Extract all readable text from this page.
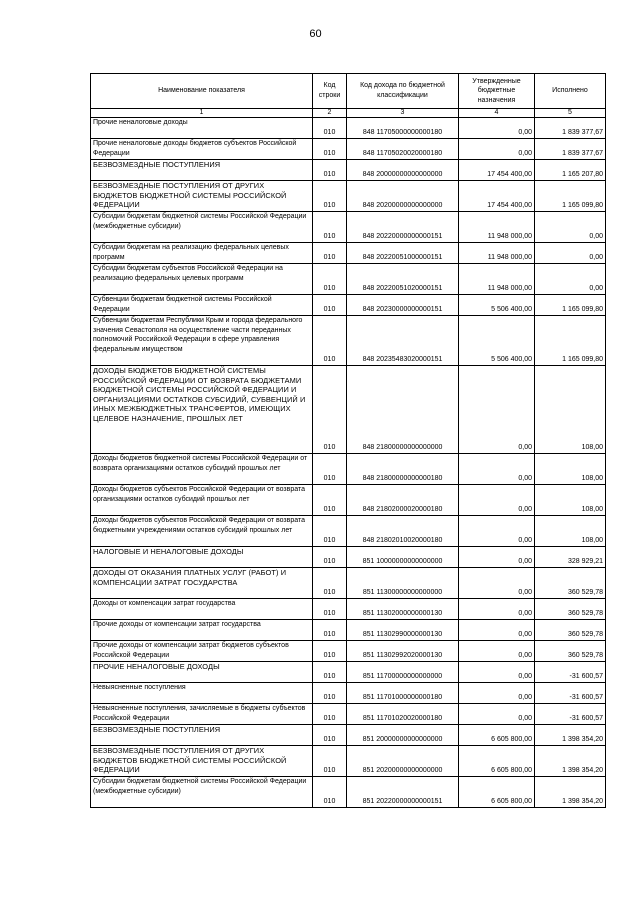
60
Наименование показателя	Код строки	Код дохода по бюджетной классификации	Утвержденные бюджетные назначения	Исполнено
1	2	3	4	5
Прочие неналоговые доходы	010	848 11705000000000180	0,00	1 839 377,67
Прочие неналоговые доходы бюджетов субъектов Российской Федерации	010	848 11705020020000180	0,00	1 839 377,67
БЕЗВОЗМЕЗДНЫЕ ПОСТУПЛЕНИЯ	010	848 20000000000000000	17 454 400,00	1 165 207,80
БЕЗВОЗМЕЗДНЫЕ ПОСТУПЛЕНИЯ ОТ ДРУГИХ БЮДЖЕТОВ БЮДЖЕТНОЙ СИСТЕМЫ РОССИЙСКОЙ ФЕДЕРАЦИИ	010	848 20200000000000000	17 454 400,00	1 165 099,80
Субсидии бюджетам бюджетной системы Российской Федерации (межбюджетные субсидии)	010	848 20220000000000151	11 948 000,00	0,00
Субсидии бюджетам на реализацию федеральных целевых программ	010	848 20220051000000151	11 948 000,00	0,00
Субсидии бюджетам субъектов Российской Федерации на реализацию федеральных целевых программ	010	848 20220051020000151	11 948 000,00	0,00
Субвенции бюджетам бюджетной системы Российской Федерации	010	848 20230000000000151	5 506 400,00	1 165 099,80
Субвенции бюджетам Республики Крым и города федерального значения Севастополя на осуществление части переданных полномочий Российской Федерации в сфере управления федеральным имуществом	010	848 20235483020000151	5 506 400,00	1 165 099,80
ДОХОДЫ БЮДЖЕТОВ БЮДЖЕТНОЙ СИСТЕМЫ РОССИЙСКОЙ ФЕДЕРАЦИИ ОТ ВОЗВРАТА БЮДЖЕТАМИ БЮДЖЕТНОЙ СИСТЕМЫ РОССИЙСКОЙ ФЕДЕРАЦИИ И ОРГАНИЗАЦИЯМИ ОСТАТКОВ СУБСИДИЙ, СУБВЕНЦИЙ И ИНЫХ МЕЖБЮДЖЕТНЫХ ТРАНСФЕРТОВ, ИМЕЮЩИХ ЦЕЛЕВОЕ НАЗНАЧЕНИЕ, ПРОШЛЫХ ЛЕТ	010	848 21800000000000000	0,00	108,00
Доходы бюджетов бюджетной системы Российской Федерации от возврата организациями остатков субсидий прошлых лет	010	848 21800000000000180	0,00	108,00
Доходы бюджетов субъектов Российской Федерации от возврата организациями остатков субсидий прошлых лет	010	848 21802000020000180	0,00	108,00
Доходы бюджетов субъектов Российской Федерации от возврата бюджетными учреждениями остатков субсидий прошлых лет	010	848 21802010020000180	0,00	108,00
НАЛОГОВЫЕ И НЕНАЛОГОВЫЕ ДОХОДЫ	010	851 10000000000000000	0,00	328 929,21
ДОХОДЫ ОТ ОКАЗАНИЯ ПЛАТНЫХ УСЛУГ (РАБОТ) И КОМПЕНСАЦИИ ЗАТРАТ ГОСУДАРСТВА	010	851 11300000000000000	0,00	360 529,78
Доходы от компенсации затрат государства	010	851 11302000000000130	0,00	360 529,78
Прочие доходы от компенсации затрат государства	010	851 11302990000000130	0,00	360 529,78
Прочие доходы от компенсации затрат бюджетов субъектов Российской Федерации	010	851 11302992020000130	0,00	360 529,78
ПРОЧИЕ НЕНАЛОГОВЫЕ ДОХОДЫ	010	851 11700000000000000	0,00	-31 600,57
Невыясненные поступления	010	851 11701000000000180	0,00	-31 600,57
Невыясненные поступления, зачисляемые в бюджеты субъектов Российской Федерации	010	851 11701020020000180	0,00	-31 600,57
БЕЗВОЗМЕЗДНЫЕ ПОСТУПЛЕНИЯ	010	851 20000000000000000	6 605 800,00	1 398 354,20
БЕЗВОЗМЕЗДНЫЕ ПОСТУПЛЕНИЯ ОТ ДРУГИХ БЮДЖЕТОВ БЮДЖЕТНОЙ СИСТЕМЫ РОССИЙСКОЙ ФЕДЕРАЦИИ	010	851 20200000000000000	6 605 800,00	1 398 354,20
Субсидии бюджетам бюджетной системы Российской Федерации (межбюджетные субсидии)	010	851 20220000000000151	6 605 800,00	1 398 354,20
